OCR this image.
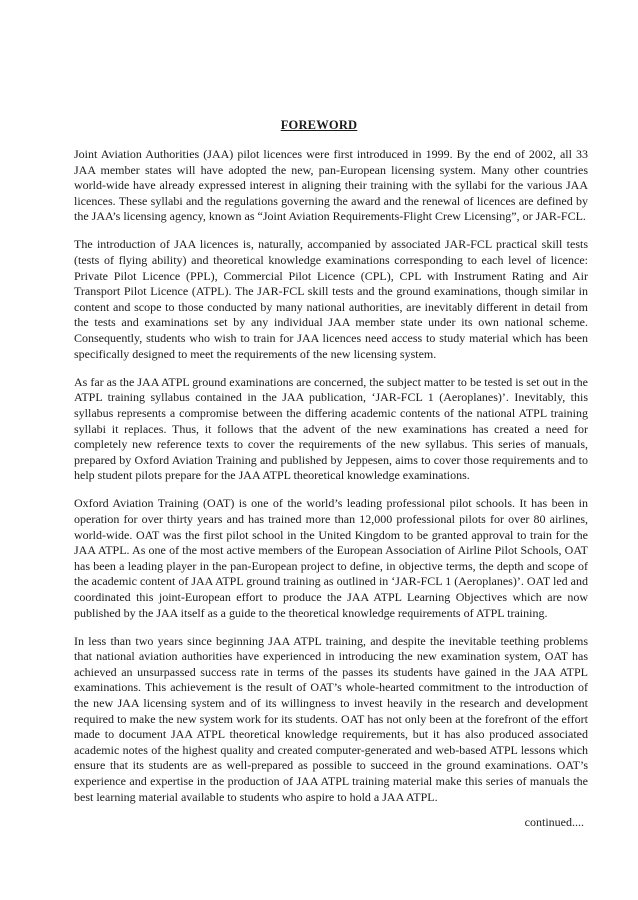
FOREWORD

Joint Aviation Authorities (JAA) pilot licences were first introduced in 1999. By the end of 2002, all 33 JAA member states will have adopted the new, pan-European licensing system. Many other countries world-wide have already expressed interest in aligning their training with the syllabi for the various JAA licences. These syllabi and the regulations governing the award and the renewal of licences are defined by the JAA’s licensing agency, known as “Joint Aviation Requirements-Flight Crew Licensing”, or JAR-FCL.

The introduction of JAA licences is, naturally, accompanied by associated JAR-FCL practical skill tests (tests of flying ability) and theoretical knowledge examinations corresponding to each level of licence: Private Pilot Licence (PPL), Commercial Pilot Licence (CPL), CPL with Instrument Rating and Air Transport Pilot Licence (ATPL). The JAR-FCL skill tests and the ground examinations, though similar in content and scope to those conducted by many national authorities, are inevitably different in detail from the tests and examinations set by any individual JAA member state under its own national scheme. Consequently, students who wish to train for JAA licences need access to study material which has been specifically designed to meet the requirements of the new licensing system.

As far as the JAA ATPL ground examinations are concerned, the subject matter to be tested is set out in the ATPL training syllabus contained in the JAA publication, ‘JAR-FCL 1 (Aeroplanes)’. Inevitably, this syllabus represents a compromise between the differing academic contents of the national ATPL training syllabi it replaces. Thus, it follows that the advent of the new examinations has created a need for completely new reference texts to cover the requirements of the new syllabus. This series of manuals, prepared by Oxford Aviation Training and published by Jeppesen, aims to cover those requirements and to help student pilots prepare for the JAA ATPL theoretical knowledge examinations.

Oxford Aviation Training (OAT) is one of the world’s leading professional pilot schools. It has been in operation for over thirty years and has trained more than 12,000 professional pilots for over 80 airlines, world-wide. OAT was the first pilot school in the United Kingdom to be granted approval to train for the JAA ATPL. As one of the most active members of the European Association of Airline Pilot Schools, OAT has been a leading player in the pan-European project to define, in objective terms, the depth and scope of the academic content of JAA ATPL ground training as outlined in ‘JAR-FCL 1 (Aeroplanes)’. OAT led and coordinated this joint-European effort to produce the JAA ATPL Learning Objectives which are now published by the JAA itself as a guide to the theoretical knowledge requirements of ATPL training.

In less than two years since beginning JAA ATPL training, and despite the inevitable teething problems that national aviation authorities have experienced in introducing the new examination system, OAT has achieved an unsurpassed success rate in terms of the passes its students have gained in the JAA ATPL examinations. This achievement is the result of OAT’s whole-hearted commitment to the introduction of the new JAA licensing system and of its willingness to invest heavily in the research and development required to make the new system work for its students. OAT has not only been at the forefront of the effort made to document JAA ATPL theoretical knowledge requirements, but it has also produced associated academic notes of the highest quality and created computer-generated and web-based ATPL lessons which ensure that its students are as well-prepared as possible to succeed in the ground examinations. OAT’s experience and expertise in the production of JAA ATPL training material make this series of manuals the best learning material available to students who aspire to hold a JAA ATPL.

continued....
